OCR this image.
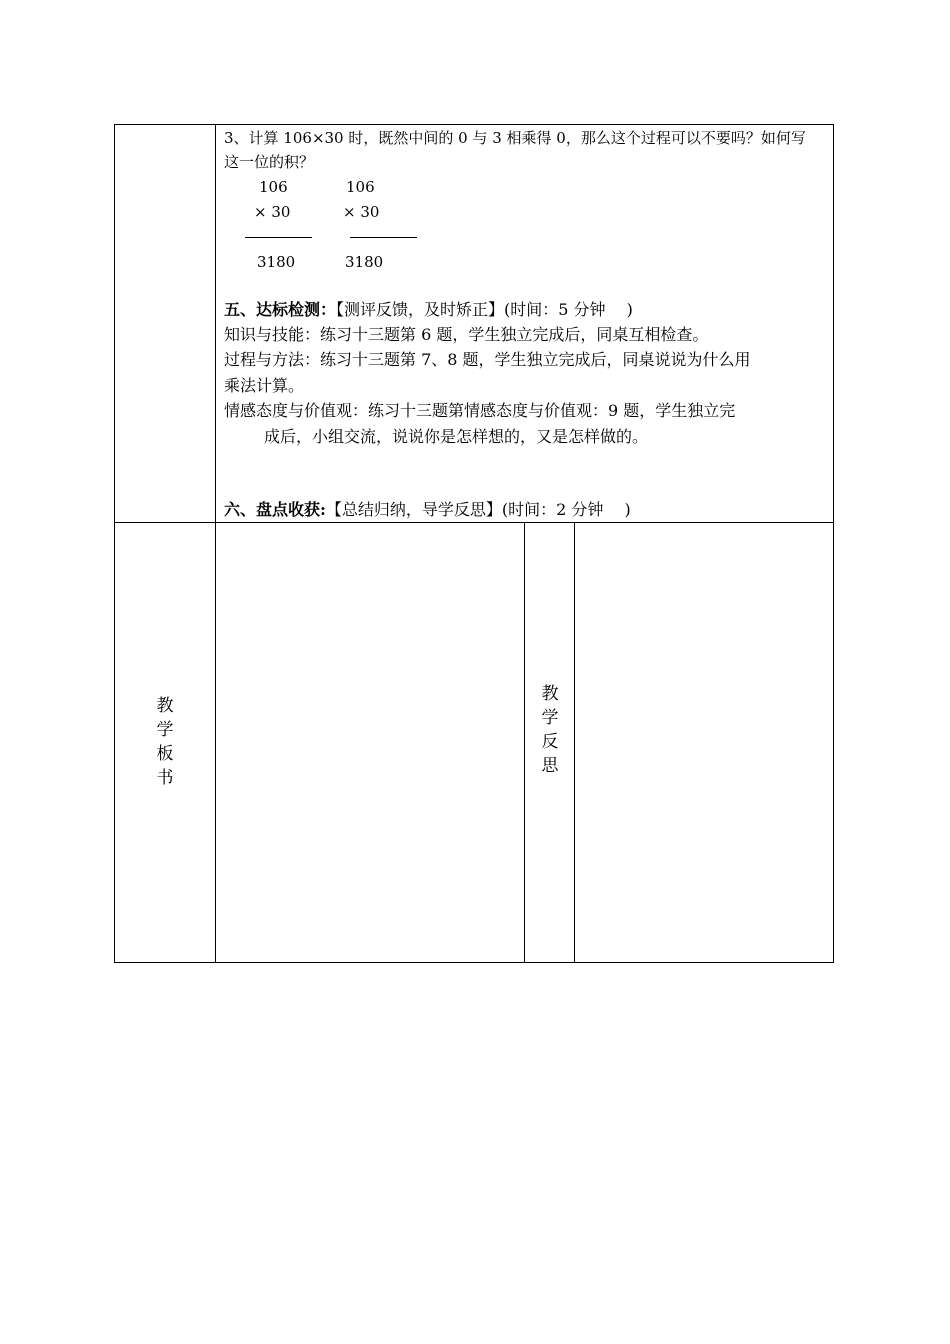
3、计算 106×30 时，既然中间的 0 与 3 相乘得 0，那么这个过程可以不要吗？如何写
这一位的积？
106
× 30
3180
106
× 30
3180
五、达标检测：【测评反馈，及时矫正】(时间：5 分钟　 )
知识与技能：练习十三题第 6 题，学生独立完成后，同桌互相检查。
过程与方法：练习十三题第 7、8 题，学生独立完成后，同桌说说为什么用
乘法计算。
情感态度与价值观：练习十三题第情感态度与价值观：9 题，学生独立完
成后，小组交流，说说你是怎样想的，又是怎样做的。
六、盘点收获:【总结归纳，导学反思】(时间：2 分钟　 )
教
学
板
书
教
学
反
思
